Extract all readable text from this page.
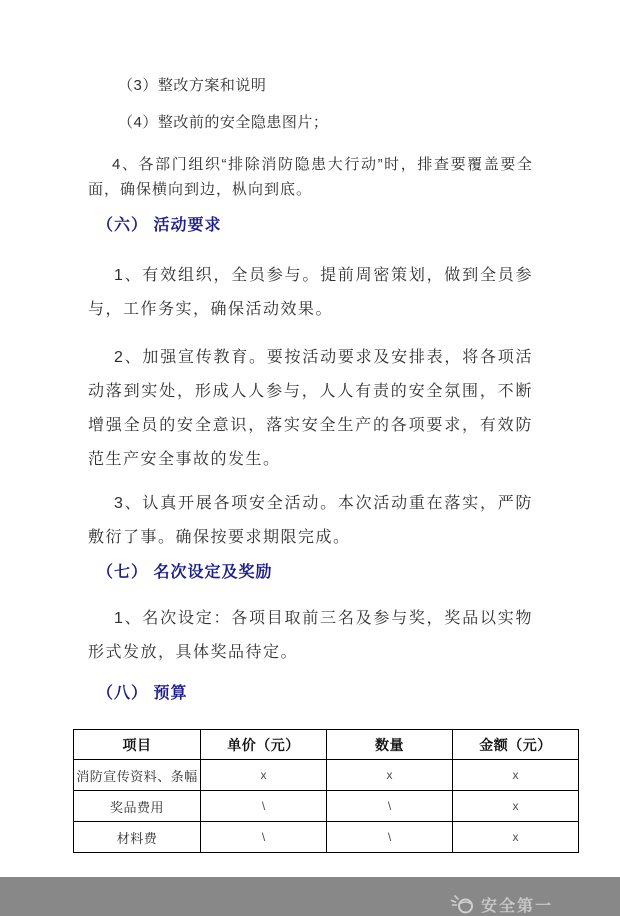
（3）整改方案和说明
（4）整改前的安全隐患图片；
4、各部门组织“排除消防隐患大行动”时，排查要覆盖要全面，确保横向到边，枞向到底。
（六） 活动要求
1、有效组织，全员参与。提前周密策划，做到全员参与，工作务实，确保活动效果。
2、加强宣传教育。要按活动要求及安排表，将各项活动落到实处，形成人人参与，人人有责的安全氛围，不断增强全员的安全意识，落实安全生产的各项要求，有效防范生产安全事故的发生。
3、认真开展各项安全活动。本次活动重在落实，严防敷衍了事。确保按要求期限完成。
（七） 名次设定及奖励
1、名次设定：各项目取前三名及参与奖，奖品以实物形式发放，具体奖品待定。
（八） 预算
项目	单价（元）	数量	金额（元）
消防宣传资料、条幅	x	x	x
奖品费用	\	\	x
材料费	\	\	x
安全第一
